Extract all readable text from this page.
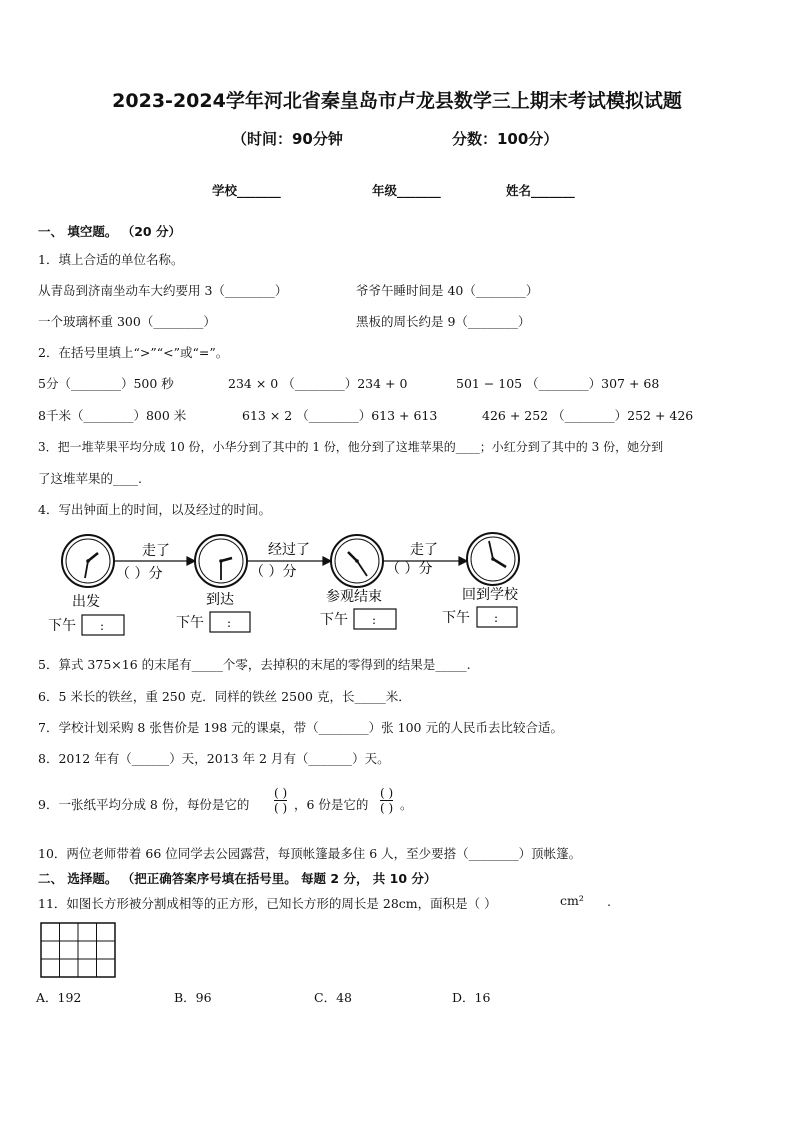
2023-2024学年河北省秦皇岛市卢龙县数学三上期末考试模拟试题
（时间：90分钟	分数：100分）
学校_______	年级_______	姓名_______
一、 填空题。 （20 分）
1．填上合适的单位名称。
从青岛到济南坐动车大约要用 3（________）	爷爷午睡时间是 40（________）
一个玻璃杯重 300（________）	黑板的周长约是 9（________）
2．在括号里填上“>”“<”或“=”。
5分（________）500 秒	234 × 0 （________）234 + 0	501 − 105 （________）307 + 68
8千米（________）800 米	613 × 2 （________）613 + 613	426 + 252 （________）252 + 426
3．把一堆苹果平均分成 10 份，小华分到了其中的 1 份，他分到了这堆苹果的____；小红分到了其中的 3 份，她分到
了这堆苹果的____.
4．写出钟面上的时间，以及经过的时间。
走了	经过了	走了
（ ）分	（ ）分	（ ）分
出发	到达	参观结束	回到学校
下午 :	下午 :	下午 :	下午 :
5．算式 375×16 的末尾有_____个零，去掉积的末尾的零得到的结果是_____.
6．5 米长的铁丝，重 250 克．同样的铁丝 2500 克，长_____米．
7．学校计划采购 8 张售价是 198 元的课桌，带（________）张 100 元的人民币去比较合适。
8．2012 年有（______）天，2013 年 2 月有（_______）天。
9．一张纸平均分成 8 份，每份是它的
( )
( ) ，6 份是它的
( )
( ) 。
10．两位老师带着 66 位同学去公园露营，每顶帐篷最多住 6 人，至少要搭（________）顶帐篷。
二、 选择题。 （把正确答案序号填在括号里。 每题 2 分， 共 10 分）
11．如图长方形被分割成相等的正方形，已知长方形的周长是 28cm，面积是（ ）	cm² .
A．192	B．96	C．48	D．16
